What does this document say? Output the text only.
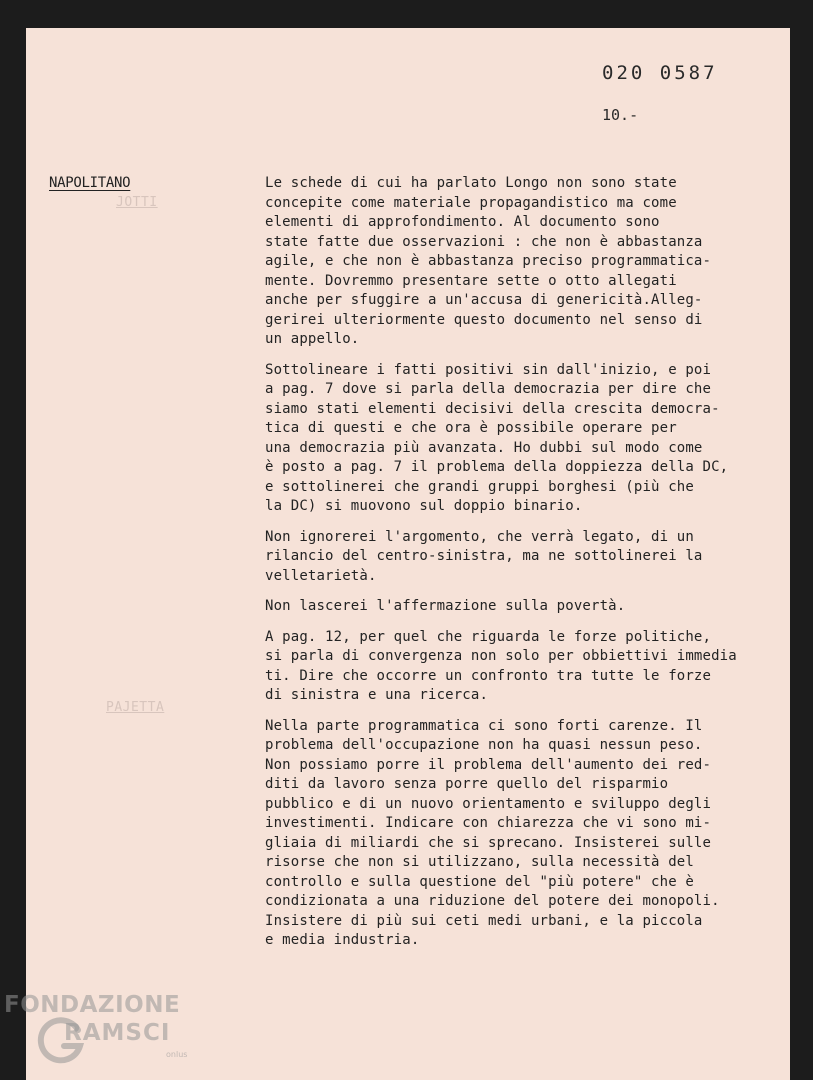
020 0587
10.-
JOTTI
PAJETTA
NAPOLITANO	Le schede di cui ha parlato Longo non sono state
concepite come materiale propagandistico ma come
elementi di approfondimento. Al documento sono
state fatte due osservazioni : che non è abbastanza
agile, e che non è abbastanza preciso programmatica-
mente. Dovremmo presentare sette o otto allegati
anche per sfuggire a un'accusa di genericità.Alleg-
gerirei ulteriormente questo documento nel senso di
un appello.

Sottolineare i fatti positivi sin dall'inizio, e poi
a pag. 7 dove si parla della democrazia per dire che
siamo stati elementi decisivi della crescita democra-
tica di questi e che ora è possibile operare per
una democrazia più avanzata. Ho dubbi sul modo come
è posto a pag. 7 il problema della doppiezza della DC,
e sottolinerei che grandi gruppi borghesi (più che
la DC) si muovono sul doppio binario.

Non ignorerei l'argomento, che verrà legato, di un
rilancio del centro-sinistra, ma ne sottolinerei la
velletarietà.

Non lascerei l'affermazione sulla povertà.

A pag. 12, per quel che riguarda le forze politiche,
si parla di convergenza non solo per obbiettivi immedia
ti. Dire che occorre un confronto tra tutte le forze
di sinistra e una ricerca.

Nella parte programmatica ci sono forti carenze. Il
problema dell'occupazione non ha quasi nessun peso.
Non possiamo porre il problema dell'aumento dei red-
diti da lavoro senza porre quello del risparmio
pubblico e di un nuovo orientamento e sviluppo degli
investimenti. Indicare con chiarezza che vi sono mi-
gliaia di miliardi che si sprecano. Insisterei sulle
risorse che non si utilizzano, sulla necessità del
controllo e sulla questione del "più potere" che è
condizionata a una riduzione del potere dei monopoli.
Insistere di più sui ceti medi urbani, e la piccola
e media industria.

FONDAZIONE
RAMSCI
onlus
